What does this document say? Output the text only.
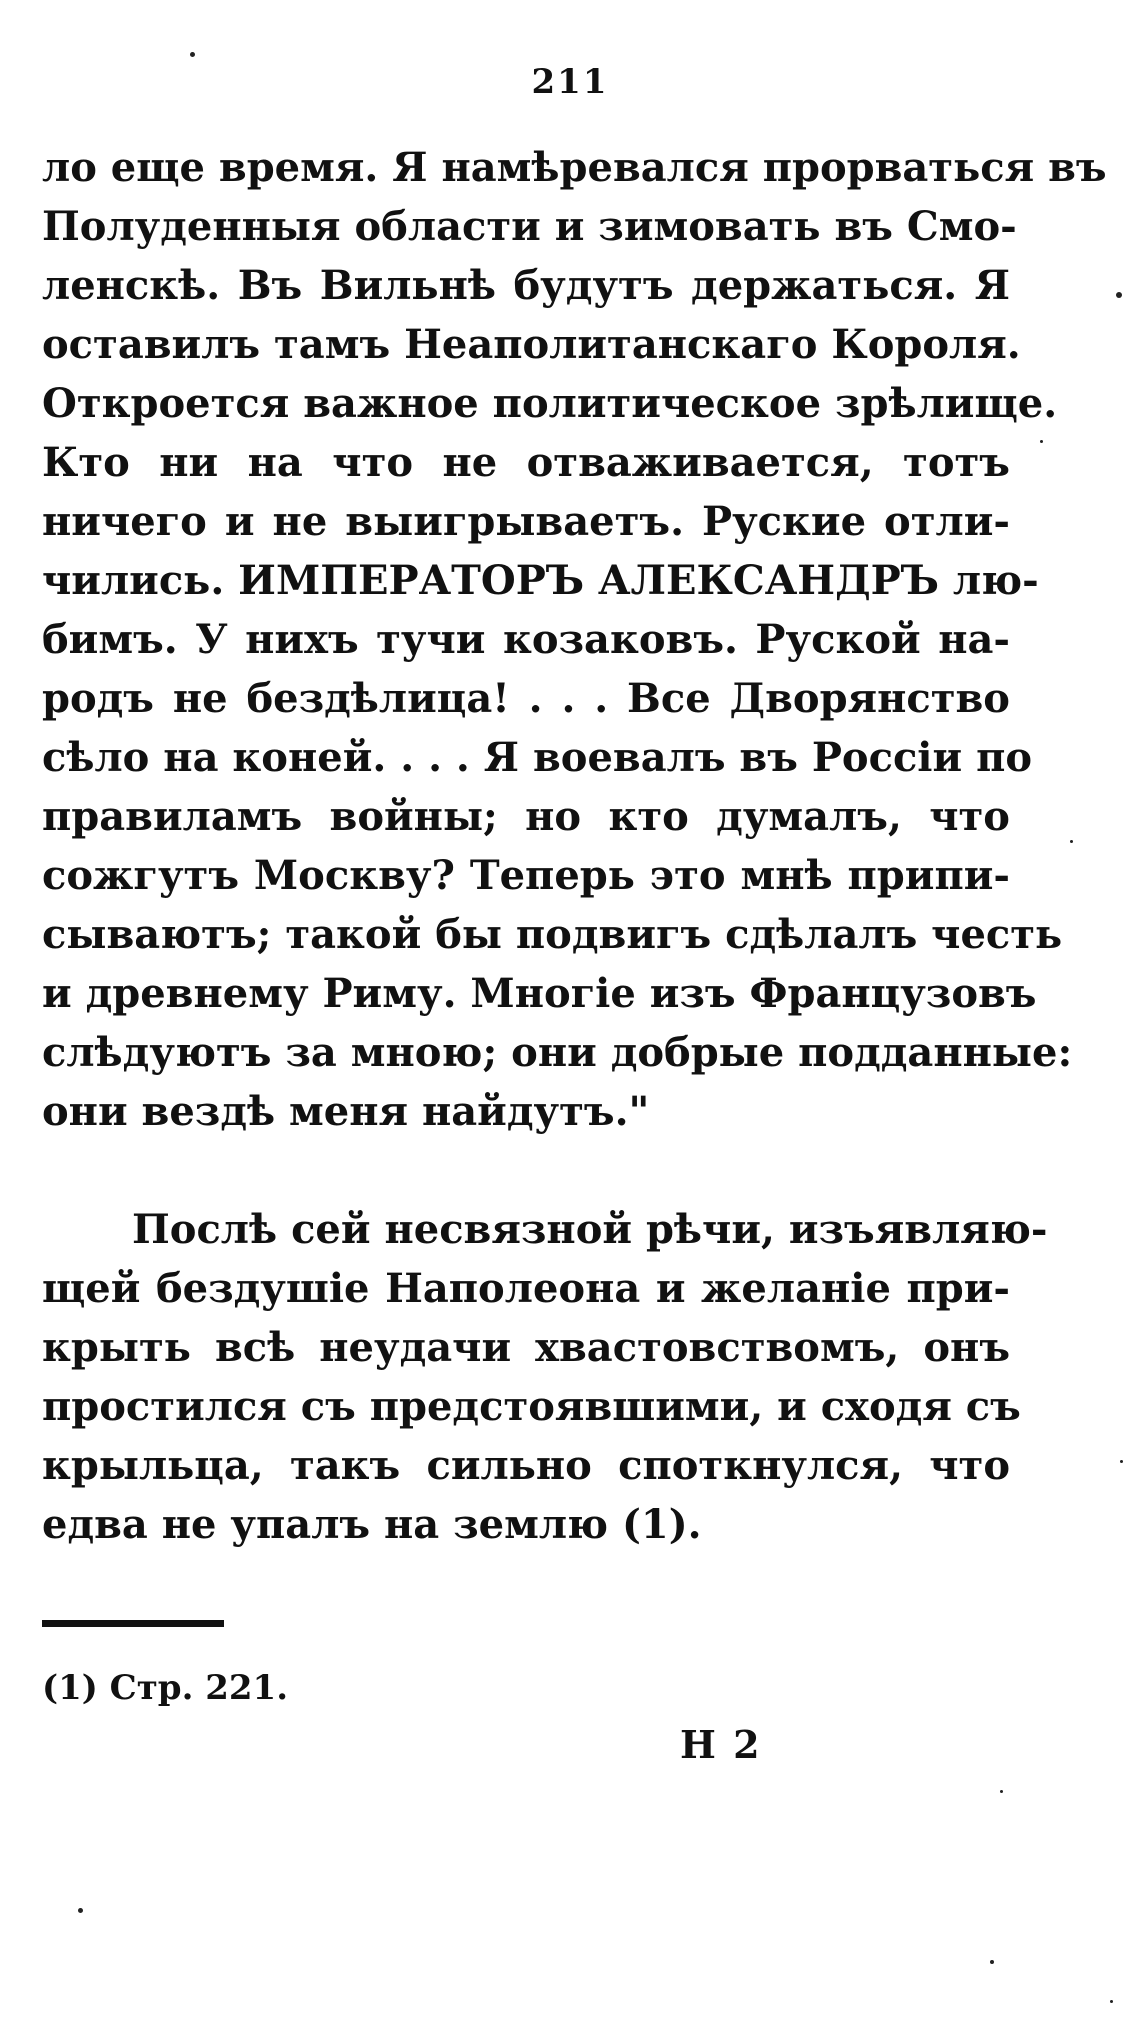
211
ло еще время. Я намѣревался прорваться въ
Полуденныя области и зимовать въ Смо-
ленскѣ. Въ Вильнѣ будутъ держаться. Я
оставилъ тамъ Неаполитанскаго Короля.
Откроется важное политическое зрѣлище.
Кто ни на что не отваживается, тотъ
ничего и не выигрываетъ. Руские отли-
чились. ИМПЕРАТОРЪ АЛЕКСАНДРЪ лю-
бимъ. У нихъ тучи козаковъ. Руской на-
родъ не бездѣлица! . . . Все Дворянство
сѣло на коней. . . . Я воевалъ въ Россіи по
правиламъ войны; но кто думалъ, что
сожгутъ Москву? Теперь это мнѣ припи-
сываютъ; такой бы подвигъ сдѣлалъ честь
и древнему Риму. Многіе изъ Французовъ
слѣдуютъ за мною; они добрые подданные:
они вездѣ меня найдутъ."
Послѣ сей несвязной рѣчи, изъявляю-
щей бездушіе Наполеона и желаніе при-
крыть всѣ неудачи хвастовствомъ, онъ
простился съ предстоявшими, и сходя съ
крыльца, такъ сильно споткнулся, что
едва не упалъ на землю (1).
(1) Стр. 221.
Н 2
